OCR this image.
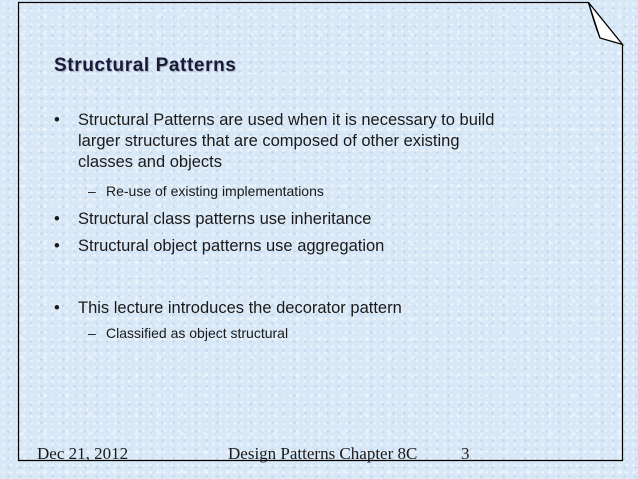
Structural Patterns
• Structural Patterns are used when it is necessary to build
larger structures that are composed of other existing
classes and objects
– Re-use of existing implementations
• Structural class patterns use inheritance
• Structural object patterns use aggregation
• This lecture introduces the decorator pattern
– Classified as object structural
Dec 21, 2012	Design Patterns Chapter 8C	3
